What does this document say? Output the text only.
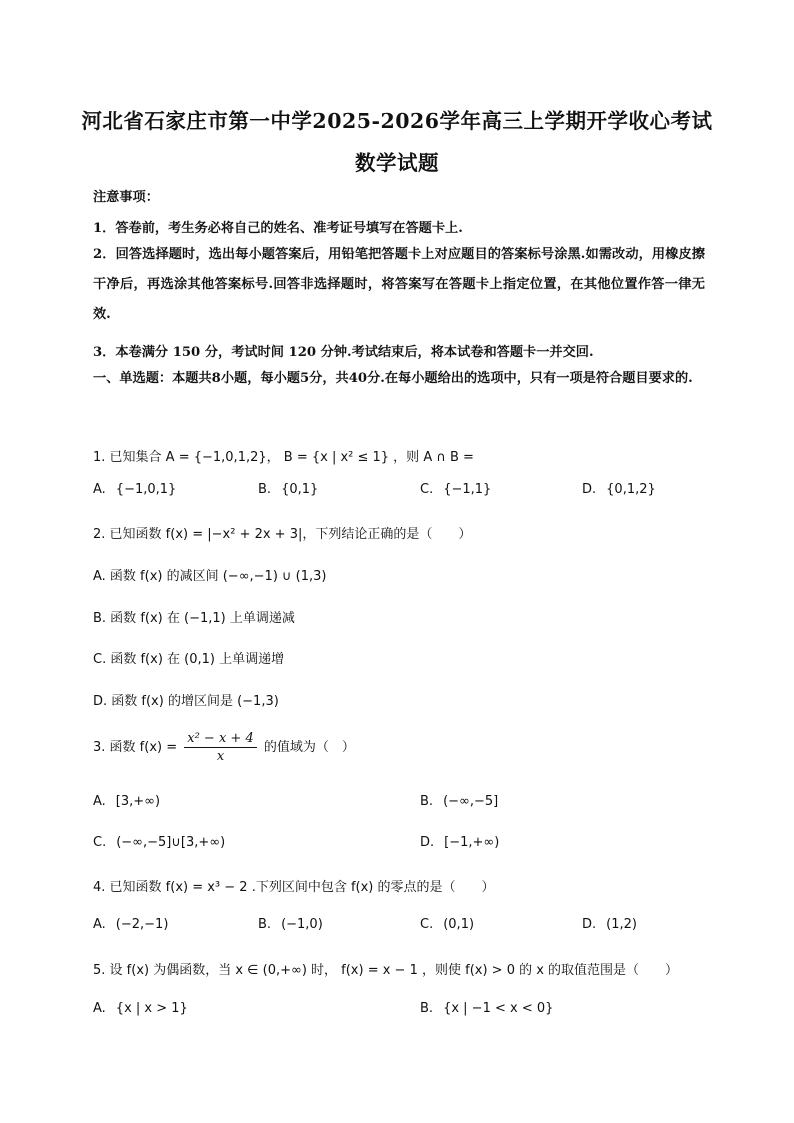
河北省石家庄市第一中学2025-2026学年高三上学期开学收心考试
数学试题
注意事项：
1．答卷前，考生务必将自己的姓名、准考证号填写在答题卡上.
2．回答选择题时，选出每小题答案后，用铅笔把答题卡上对应题目的答案标号涂黑.如需改动，用橡皮擦干净后，再选涂其他答案标号.回答非选择题时，将答案写在答题卡上指定位置，在其他位置作答一律无效.
3．本卷满分 150 分，考试时间 120 分钟.考试结束后，将本试卷和答题卡一并交回.
一、单选题：本题共8小题，每小题5分，共40分.在每小题给出的选项中，只有一项是符合题目要求的.
1. 已知集合 A = {−1,0,1,2}， B = {x | x² ≤ 1} ，则 A ∩ B =
A. {−1,0,1}	B. {0,1}	C. {−1,1}	D. {0,1,2}
2. 已知函数 f(x) = |−x² + 2x + 3|，下列结论正确的是（　　）
A. 函数 f(x) 的减区间 (−∞,−1) ∪ (1,3)
B. 函数 f(x) 在 (−1,1) 上单调递减
C. 函数 f(x) 在 (0,1) 上单调递增
D. 函数 f(x) 的增区间是 (−1,3)
3. 函数 $f(x) = \frac{\text{x² − x + 4}}{x}$ 的值域为（　）
A. [3,+∞)	B. (−∞,−5]
C. (−∞,−5]∪[3,+∞)	D. [−1,+∞)
4. 已知函数 f(x) = x³ − 2 .下列区间中包含 f(x) 的零点的是（　　）
A. (−2,−1)	B. (−1,0)	C. (0,1)	D. (1,2)
5. 设 f(x) 为偶函数，当 x ∈ (0,+∞) 时， f(x) = x − 1 ，则使 f(x) > 0 的 x 的取值范围是（　　）
A. {x | x > 1}	B. {x | −1 < x < 0}
